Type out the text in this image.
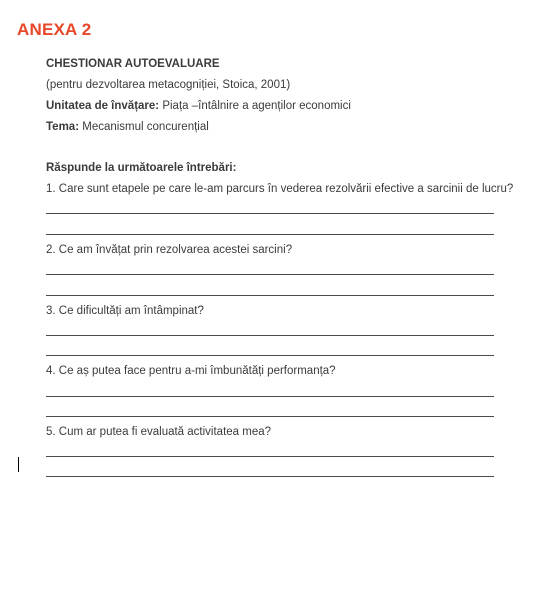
ANEXA 2
CHESTIONAR AUTOEVALUARE
(pentru dezvoltarea metacogniției, Stoica, 2001)
Unitatea de învățare: Piața –întâlnire a agenților economici
Tema: Mecanismul concurențial
Răspunde la următoarele întrebări:
1. Care sunt etapele pe care le-am parcurs în vederea rezolvării efective a sarcinii de lucru?
2. Ce am învățat prin rezolvarea acestei sarcini?
3. Ce dificultăți am întâmpinat?
4. Ce aș putea face pentru a-mi îmbunătăți performanța?
5. Cum ar putea fi evaluată activitatea mea?
